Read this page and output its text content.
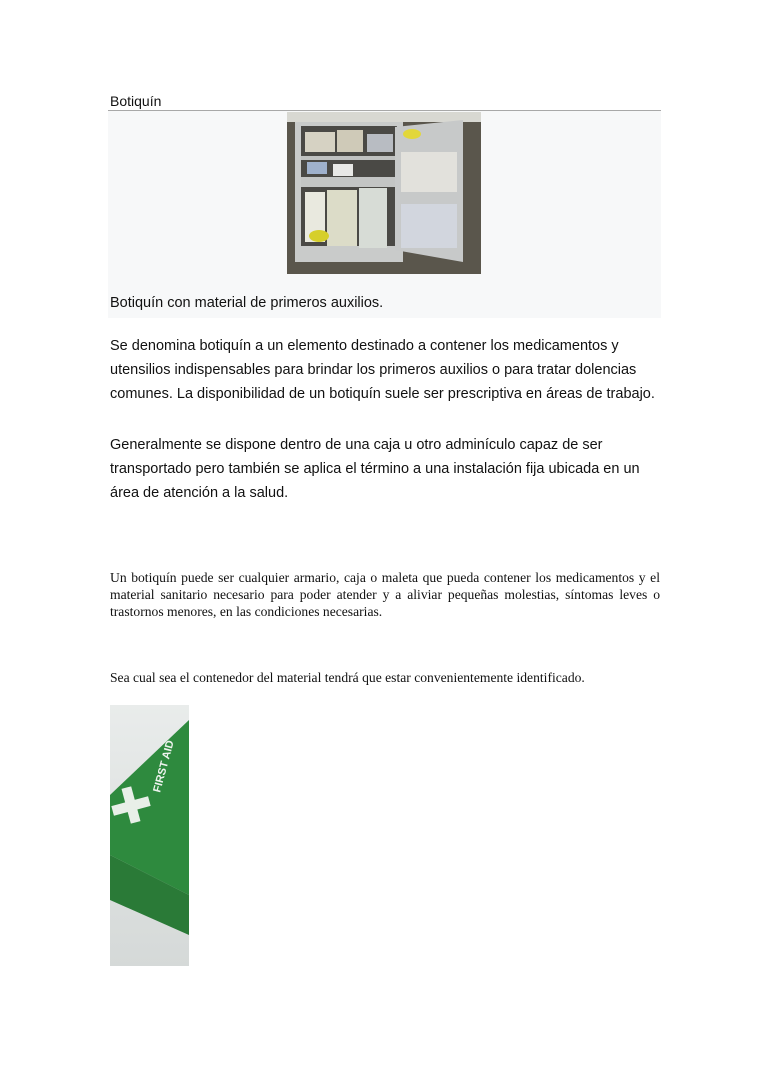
Botiquín
Botiquín con material de primeros auxilios.

Se denomina botiquín a un elemento destinado a contener los medicamentos y utensilios indispensables para brindar los primeros auxilios o para tratar dolencias comunes. La disponibilidad de un botiquín suele ser prescriptiva en áreas de trabajo.

Generalmente se dispone dentro de una caja u otro adminículo capaz de ser transportado pero también se aplica el término a una instalación fija ubicada en un área de atención a la salud.

Un botiquín puede ser cualquier armario, caja o maleta que pueda contener los medicamentos y el material sanitario necesario para poder atender y a aliviar pequeñas molestias, síntomas leves o trastornos menores, en las condiciones necesarias.

Sea cual sea el contenedor del material tendrá que estar convenientemente identificado.

FIRST AID
